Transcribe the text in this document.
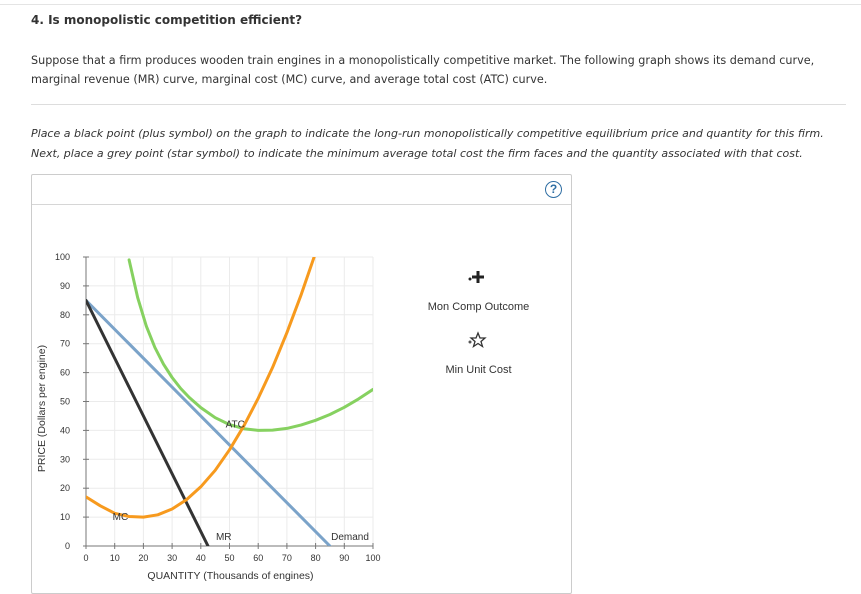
4. Is monopolistic competition efficient?
Suppose that a firm produces wooden train engines in a monopolistically competitive market. The following graph shows its demand curve, marginal revenue (MR) curve, marginal cost (MC) curve, and average total cost (ATC) curve.
Place a black point (plus symbol) on the graph to indicate the long-run monopolistically competitive equilibrium price and quantity for this firm. Next, place a grey point (star symbol) to indicate the minimum average total cost the firm faces and the quantity associated with that cost.
?
0 10 20 30 40 50 60 70 80 90 100
0
10
20
30
40
50
60
70
80
90
100
Demand
MR
ATC
MC
QUANTITY (Thousands of engines)
PRICE (Dollars per engine)
Mon Comp Outcome
Min Unit Cost
